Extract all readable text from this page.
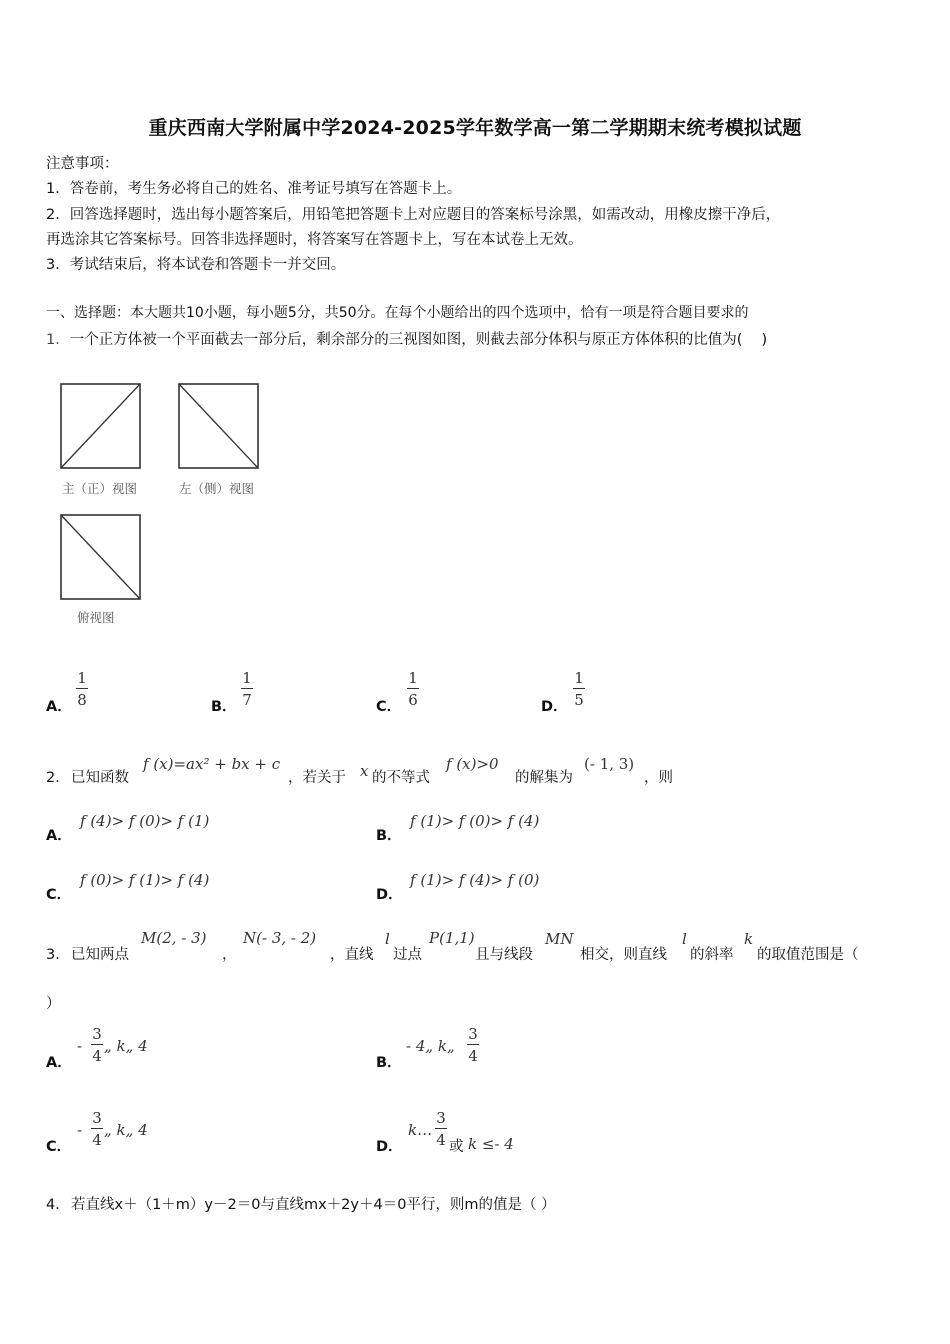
重庆西南大学附属中学2024-2025学年数学高一第二学期期末统考模拟试题
注意事项：
1．答卷前，考生务必将自己的姓名、准考证号填写在答题卡上。
2．回答选择题时，选出每小题答案后，用铅笔把答题卡上对应题目的答案标号涂黑，如需改动，用橡皮擦干净后，
再选涂其它答案标号。回答非选择题时，将答案写在答题卡上，写在本试卷上无效。
3．考试结束后，将本试卷和答题卡一并交回。
一、选择题：本大题共10小题，每小题5分，共50分。在每个小题给出的四个选项中，恰有一项是符合题目要求的
1．一个正方体被一个平面截去一部分后，剩余部分的三视图如图，则截去部分体积与原正方体体积的比值为(　 )
主（正）视图	左（侧）视图
俯视图
A．
1
8	B．
1
7	C．
1
6	D．
1
5
2． 已知函数
f (x)=ax² + bx + c
，若关于 x 的不等式
f (x)>0
的解集为
(- 1, 3)
，则
A．
f (4)> f (0)> f (1)
B．
f (1)> f (0)> f (4)
C．
f (0)> f (1)> f (4)
D．
f (1)> f (4)> f (0)
3． 已知两点
M(2, - 3)
，
N(- 3, - 2)
，直线
l
过点
P(1,1)
且与线段
MN
相交，则直线
l
的斜率
k
的取值范围是（
）
A．
-
3
4
„ k„ 4
B．
- 4„ k„
3
4
C．
-
3
4
„ k„ 4
D．
k…
3
4 或 k ≤- 4
4． 若直线x＋（1＋m）y－2＝0与直线mx＋2y＋4＝0平行，则m的值是（ ）
